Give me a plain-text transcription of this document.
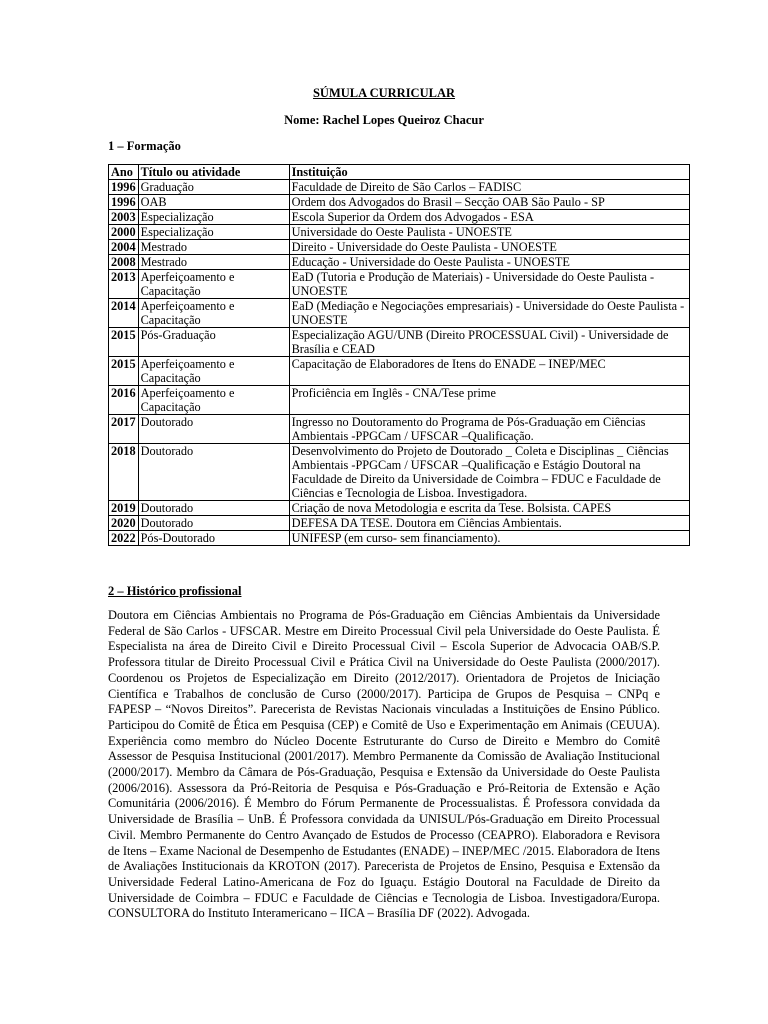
SÚMULA CURRICULAR
Nome: Rachel Lopes Queiroz Chacur
1 – Formação
Ano	Título ou atividade	Instituição
1996	Graduação	Faculdade de Direito de São Carlos – FADISC
1996	OAB	Ordem dos Advogados do Brasil – Secção OAB São Paulo - SP
2003	Especialização	Escola Superior da Ordem dos Advogados - ESA
2000	Especialização	Universidade do Oeste Paulista - UNOESTE
2004	Mestrado	Direito - Universidade do Oeste Paulista - UNOESTE
2008	Mestrado	Educação - Universidade do Oeste Paulista - UNOESTE
2013	Aperfeiçoamento e Capacitação	EaD (Tutoria e Produção de Materiais) - Universidade do Oeste Paulista - UNOESTE
2014	Aperfeiçoamento e Capacitação	EaD (Mediação e Negociações empresariais) - Universidade do Oeste Paulista - UNOESTE
2015	Pós-Graduação	Especialização AGU/UNB (Direito PROCESSUAL Civil) - Universidade de Brasília e CEAD
2015	Aperfeiçoamento e Capacitação	Capacitação de Elaboradores de Itens do ENADE – INEP/MEC
2016	Aperfeiçoamento e Capacitação	Proficiência em Inglês - CNA/Tese prime
2017	Doutorado	Ingresso no Doutoramento do Programa de Pós-Graduação em Ciências Ambientais -PPGCam / UFSCAR –Qualificação.
2018	Doutorado	Desenvolvimento do Projeto de Doutorado _ Coleta e Disciplinas _ Ciências Ambientais -PPGCam / UFSCAR –Qualificação e Estágio Doutoral na Faculdade de Direito da Universidade de Coimbra – FDUC e Faculdade de Ciências e Tecnologia de Lisboa. Investigadora.
2019	Doutorado	Criação de nova Metodologia e escrita da Tese. Bolsista. CAPES
2020	Doutorado	DEFESA DA TESE. Doutora em Ciências Ambientais.
2022	Pós-Doutorado	UNIFESP (em curso- sem financiamento).
2 – Histórico profissional

Doutora em Ciências Ambientais no Programa de Pós-Graduação em Ciências Ambientais da Universidade Federal de São Carlos - UFSCAR. Mestre em Direito Processual Civil pela Universidade do Oeste Paulista. É Especialista na área de Direito Civil e Direito Processual Civil – Escola Superior de Advocacia OAB/S.P. Professora titular de Direito Processual Civil e Prática Civil na Universidade do Oeste Paulista (2000/2017). Coordenou os Projetos de Especialização em Direito (2012/2017). Orientadora de Projetos de Iniciação Científica e Trabalhos de conclusão de Curso (2000/2017). Participa de Grupos de Pesquisa – CNPq e FAPESP – “Novos Direitos”. Parecerista de Revistas Nacionais vinculadas a Instituições de Ensino Público. Participou do Comitê de Ética em Pesquisa (CEP) e Comitê de Uso e Experimentação em Animais (CEUUA). Experiência como membro do Núcleo Docente Estruturante do Curso de Direito e Membro do Comitê Assessor de Pesquisa Institucional (2001/2017). Membro Permanente da Comissão de Avaliação Institucional (2000/2017). Membro da Câmara de Pós-Graduação, Pesquisa e Extensão da Universidade do Oeste Paulista (2006/2016). Assessora da Pró-Reitoria de Pesquisa e Pós-Graduação e Pró-Reitoria de Extensão e Ação Comunitária (2006/2016). É Membro do Fórum Permanente de Processualistas. É Professora convidada da Universidade de Brasília – UnB. É Professora convidada da UNISUL/Pós-Graduação em Direito Processual Civil. Membro Permanente do Centro Avançado de Estudos de Processo (CEAPRO). Elaboradora e Revisora de Itens – Exame Nacional de Desempenho de Estudantes (ENADE) – INEP/MEC /2015. Elaboradora de Itens de Avaliações Institucionais da KROTON (2017). Parecerista de Projetos de Ensino, Pesquisa e Extensão da Universidade Federal Latino-Americana de Foz do Iguaçu. Estágio Doutoral na Faculdade de Direito da Universidade de Coimbra – FDUC e Faculdade de Ciências e Tecnologia de Lisboa. Investigadora/Europa. CONSULTORA do Instituto Interamericano – IICA – Brasília DF (2022). Advogada.
